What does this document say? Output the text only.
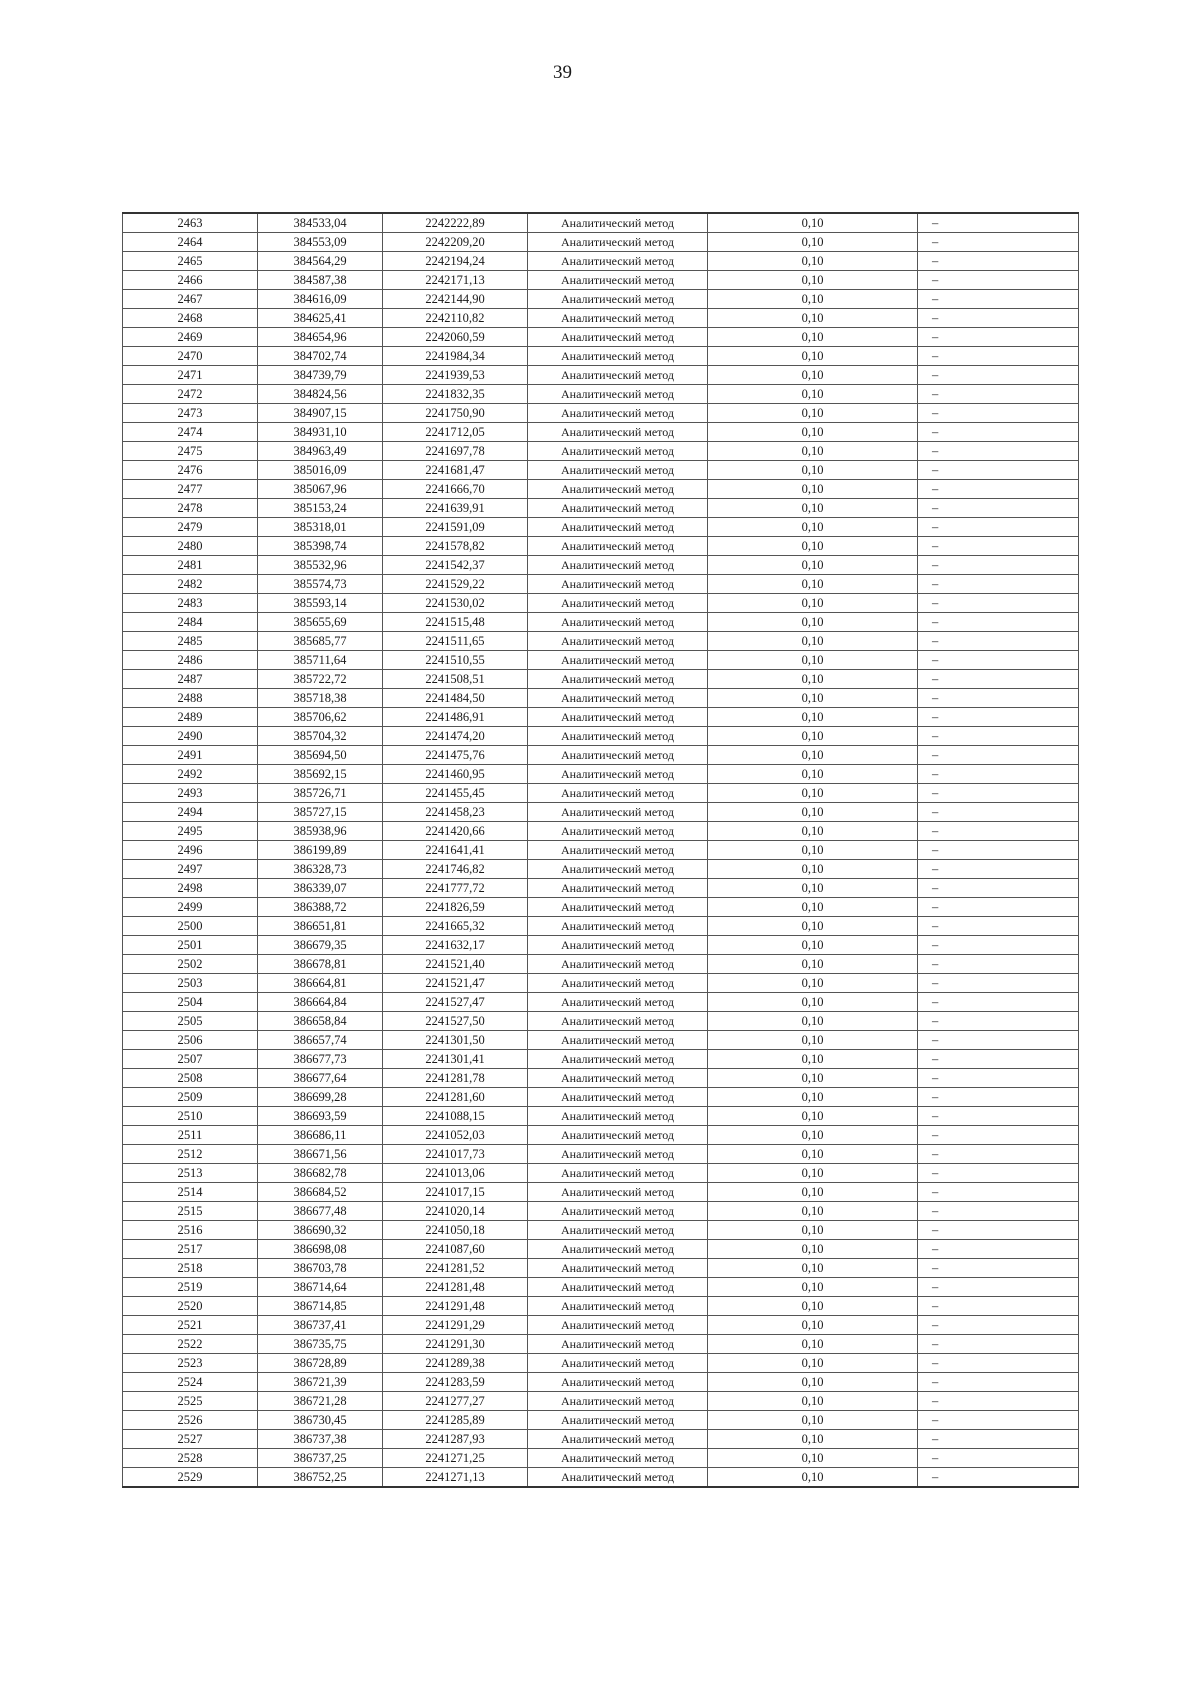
39
2463	384533,04	2242222,89	Аналитический метод	0,10	–
2464	384553,09	2242209,20	Аналитический метод	0,10	–
2465	384564,29	2242194,24	Аналитический метод	0,10	–
2466	384587,38	2242171,13	Аналитический метод	0,10	–
2467	384616,09	2242144,90	Аналитический метод	0,10	–
2468	384625,41	2242110,82	Аналитический метод	0,10	–
2469	384654,96	2242060,59	Аналитический метод	0,10	–
2470	384702,74	2241984,34	Аналитический метод	0,10	–
2471	384739,79	2241939,53	Аналитический метод	0,10	–
2472	384824,56	2241832,35	Аналитический метод	0,10	–
2473	384907,15	2241750,90	Аналитический метод	0,10	–
2474	384931,10	2241712,05	Аналитический метод	0,10	–
2475	384963,49	2241697,78	Аналитический метод	0,10	–
2476	385016,09	2241681,47	Аналитический метод	0,10	–
2477	385067,96	2241666,70	Аналитический метод	0,10	–
2478	385153,24	2241639,91	Аналитический метод	0,10	–
2479	385318,01	2241591,09	Аналитический метод	0,10	–
2480	385398,74	2241578,82	Аналитический метод	0,10	–
2481	385532,96	2241542,37	Аналитический метод	0,10	–
2482	385574,73	2241529,22	Аналитический метод	0,10	–
2483	385593,14	2241530,02	Аналитический метод	0,10	–
2484	385655,69	2241515,48	Аналитический метод	0,10	–
2485	385685,77	2241511,65	Аналитический метод	0,10	–
2486	385711,64	2241510,55	Аналитический метод	0,10	–
2487	385722,72	2241508,51	Аналитический метод	0,10	–
2488	385718,38	2241484,50	Аналитический метод	0,10	–
2489	385706,62	2241486,91	Аналитический метод	0,10	–
2490	385704,32	2241474,20	Аналитический метод	0,10	–
2491	385694,50	2241475,76	Аналитический метод	0,10	–
2492	385692,15	2241460,95	Аналитический метод	0,10	–
2493	385726,71	2241455,45	Аналитический метод	0,10	–
2494	385727,15	2241458,23	Аналитический метод	0,10	–
2495	385938,96	2241420,66	Аналитический метод	0,10	–
2496	386199,89	2241641,41	Аналитический метод	0,10	–
2497	386328,73	2241746,82	Аналитический метод	0,10	–
2498	386339,07	2241777,72	Аналитический метод	0,10	–
2499	386388,72	2241826,59	Аналитический метод	0,10	–
2500	386651,81	2241665,32	Аналитический метод	0,10	–
2501	386679,35	2241632,17	Аналитический метод	0,10	–
2502	386678,81	2241521,40	Аналитический метод	0,10	–
2503	386664,81	2241521,47	Аналитический метод	0,10	–
2504	386664,84	2241527,47	Аналитический метод	0,10	–
2505	386658,84	2241527,50	Аналитический метод	0,10	–
2506	386657,74	2241301,50	Аналитический метод	0,10	–
2507	386677,73	2241301,41	Аналитический метод	0,10	–
2508	386677,64	2241281,78	Аналитический метод	0,10	–
2509	386699,28	2241281,60	Аналитический метод	0,10	–
2510	386693,59	2241088,15	Аналитический метод	0,10	–
2511	386686,11	2241052,03	Аналитический метод	0,10	–
2512	386671,56	2241017,73	Аналитический метод	0,10	–
2513	386682,78	2241013,06	Аналитический метод	0,10	–
2514	386684,52	2241017,15	Аналитический метод	0,10	–
2515	386677,48	2241020,14	Аналитический метод	0,10	–
2516	386690,32	2241050,18	Аналитический метод	0,10	–
2517	386698,08	2241087,60	Аналитический метод	0,10	–
2518	386703,78	2241281,52	Аналитический метод	0,10	–
2519	386714,64	2241281,48	Аналитический метод	0,10	–
2520	386714,85	2241291,48	Аналитический метод	0,10	–
2521	386737,41	2241291,29	Аналитический метод	0,10	–
2522	386735,75	2241291,30	Аналитический метод	0,10	–
2523	386728,89	2241289,38	Аналитический метод	0,10	–
2524	386721,39	2241283,59	Аналитический метод	0,10	–
2525	386721,28	2241277,27	Аналитический метод	0,10	–
2526	386730,45	2241285,89	Аналитический метод	0,10	–
2527	386737,38	2241287,93	Аналитический метод	0,10	–
2528	386737,25	2241271,25	Аналитический метод	0,10	–
2529	386752,25	2241271,13	Аналитический метод	0,10	–
